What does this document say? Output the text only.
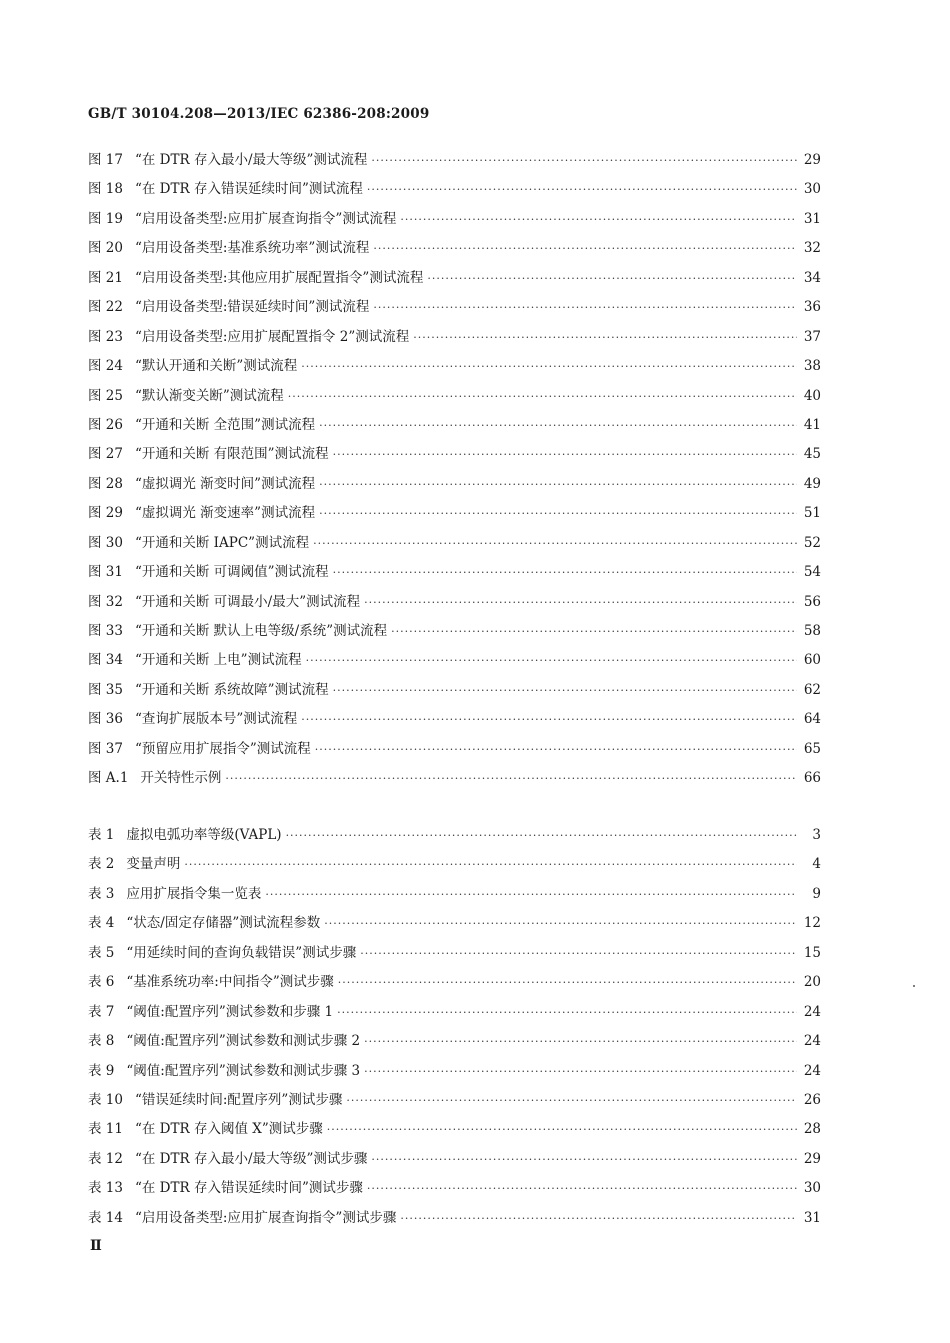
GB/T 30104.208—2013/IEC 62386-208:2009
图 17 “在 DTR 存入最小/最大等级”测试流程 ·····	29
图 18 “在 DTR 存入错误延续时间”测试流程 ·····	30
图 19 “启用设备类型:应用扩展查询指令”测试流程 ·····	31
图 20 “启用设备类型:基准系统功率”测试流程 ·····	32
图 21 “启用设备类型:其他应用扩展配置指令”测试流程 ·····	34
图 22 “启用设备类型:错误延续时间”测试流程 ·····	36
图 23 “启用设备类型:应用扩展配置指令 2”测试流程 ·····	37
图 24 “默认开通和关断”测试流程 ·····	38
图 25 “默认渐变关断”测试流程 ·····	40
图 26 “开通和关断 全范围”测试流程 ·····	41
图 27 “开通和关断 有限范围”测试流程 ·····	45
图 28 “虚拟调光 渐变时间”测试流程 ·····	49
图 29 “虚拟调光 渐变速率”测试流程 ·····	51
图 30 “开通和关断 IAPC”测试流程 ·····	52
图 31 “开通和关断 可调阈值”测试流程 ·····	54
图 32 “开通和关断 可调最小/最大”测试流程 ·····	56
图 33 “开通和关断 默认上电等级/系统”测试流程 ·····	58
图 34 “开通和关断 上电”测试流程 ·····	60
图 35 “开通和关断 系统故障”测试流程 ·····	62
图 36 “查询扩展版本号”测试流程 ·····	64
图 37 “预留应用扩展指令”测试流程 ·····	65
图 A.1 开关特性示例 ·····	66
表 1 虚拟电弧功率等级(VAPL) ·····	3
表 2 变量声明 ·····	4
表 3 应用扩展指令集一览表 ·····	9
表 4 “状态/固定存储器”测试流程参数 ·····	12
表 5 “用延续时间的查询负载错误”测试步骤 ·····	15
表 6 “基准系统功率:中间指令”测试步骤 ·····	20
表 7 “阈值:配置序列”测试参数和步骤 1 ·····	24
表 8 “阈值:配置序列”测试参数和测试步骤 2 ·····	24
表 9 “阈值:配置序列”测试参数和测试步骤 3 ·····	24
表 10 “错误延续时间:配置序列”测试步骤 ·····	26
表 11 “在 DTR 存入阈值 X”测试步骤 ·····	28
表 12 “在 DTR 存入最小/最大等级”测试步骤 ·····	29
表 13 “在 DTR 存入错误延续时间”测试步骤 ·····	30
表 14 “启用设备类型:应用扩展查询指令”测试步骤 ·····	31
Ⅱ
